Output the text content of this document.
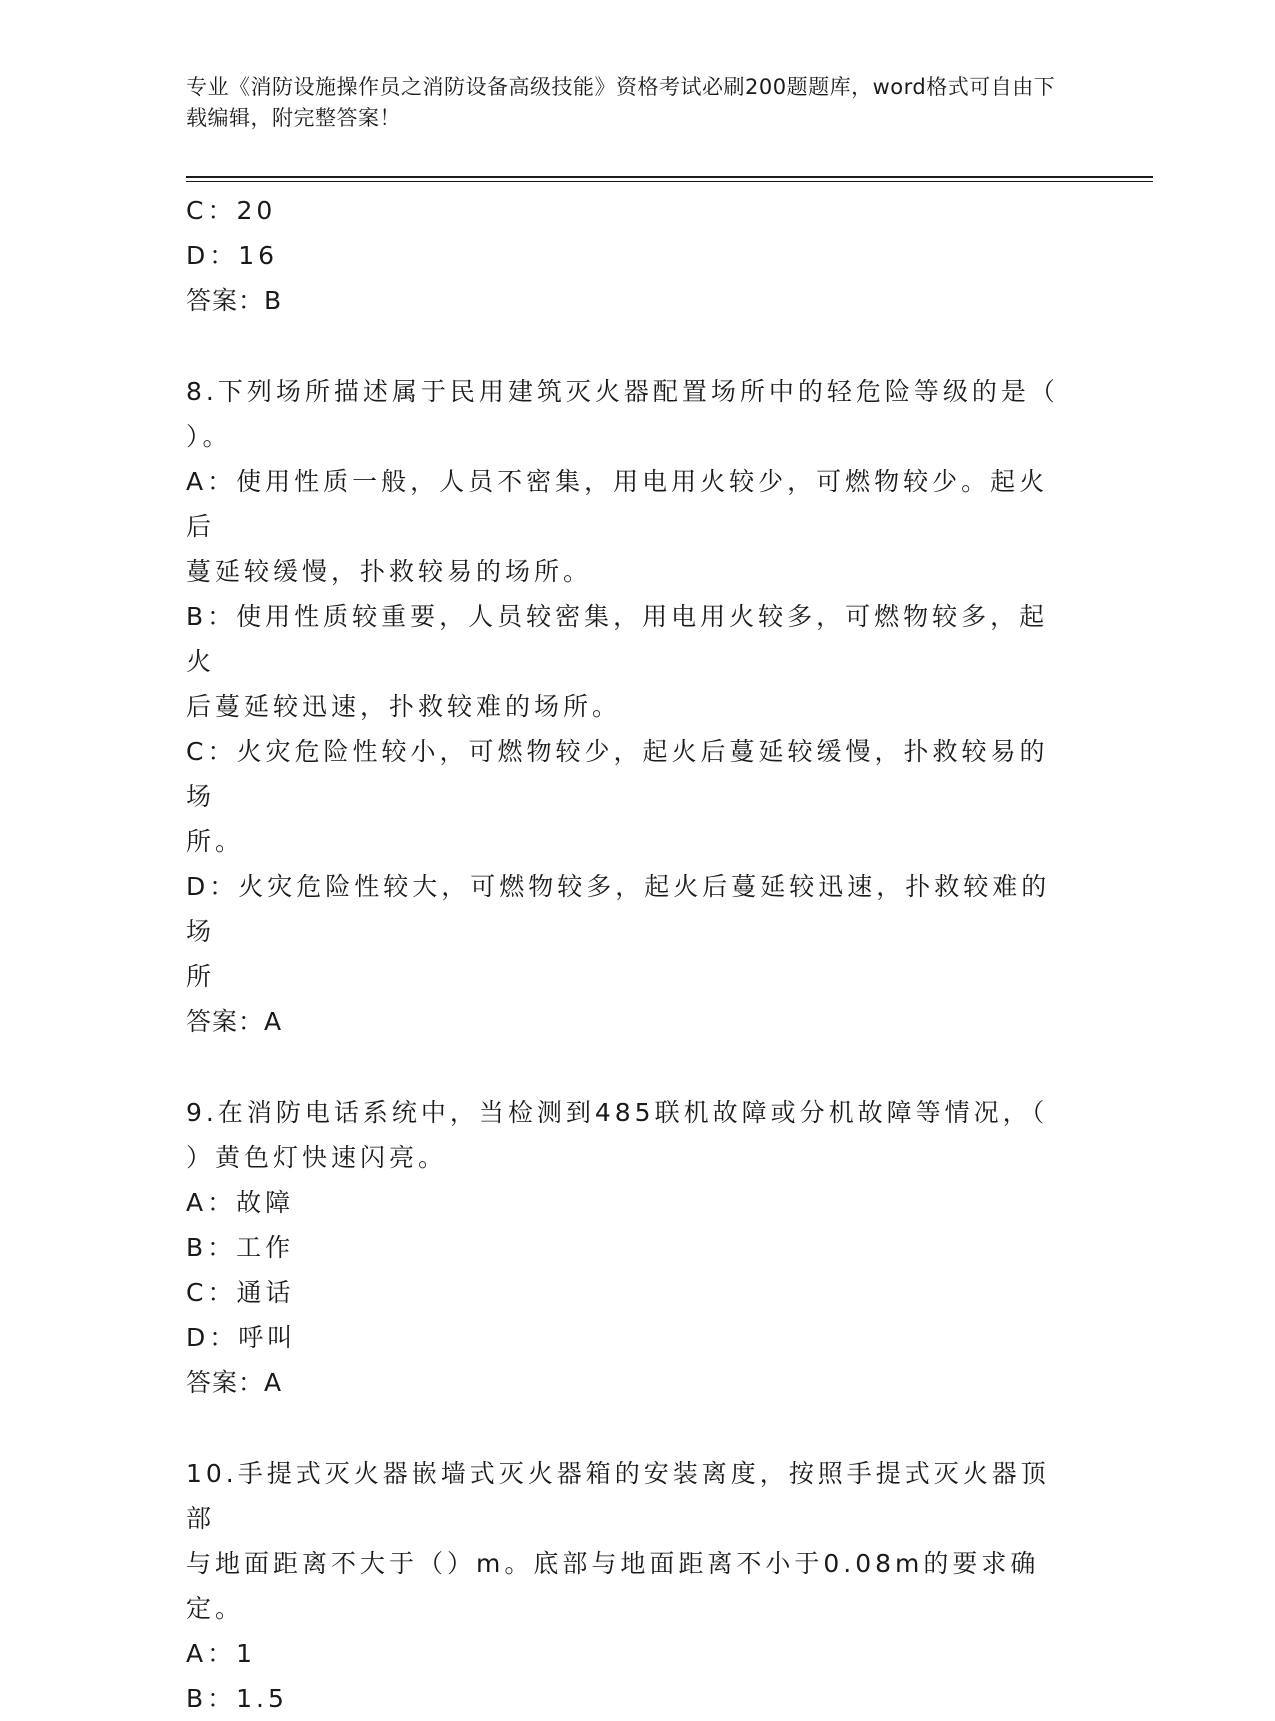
专业《消防设施操作员之消防设备高级技能》资格考试必刷200题题库，word格式可自由下载编辑，附完整答案！

C：20

D：16

答案：B

8.下列场所描述属于民用建筑灭火器配置场所中的轻危险等级的是（

）。

A：使用性质一般，人员不密集，用电用火较少，可燃物较少。起火后

蔓延较缓慢，扑救较易的场所。

B：使用性质较重要，人员较密集，用电用火较多，可燃物较多，起火

后蔓延较迅速，扑救较难的场所。

C：火灾危险性较小，可燃物较少，起火后蔓延较缓慢，扑救较易的场

所。

D：火灾危险性较大，可燃物较多，起火后蔓延较迅速，扑救较难的场

所

答案：A

9.在消防电话系统中，当检测到485联机故障或分机故障等情况，（

）黄色灯快速闪亮。

A：故障

B：工作

C：通话

D：呼叫

答案：A

10.手提式灭火器嵌墙式灭火器箱的安装离度，按照手提式灭火器顶部

与地面距离不大于（）m。底部与地面距离不小于0.08m的要求确定。

A：1

B：1.5
